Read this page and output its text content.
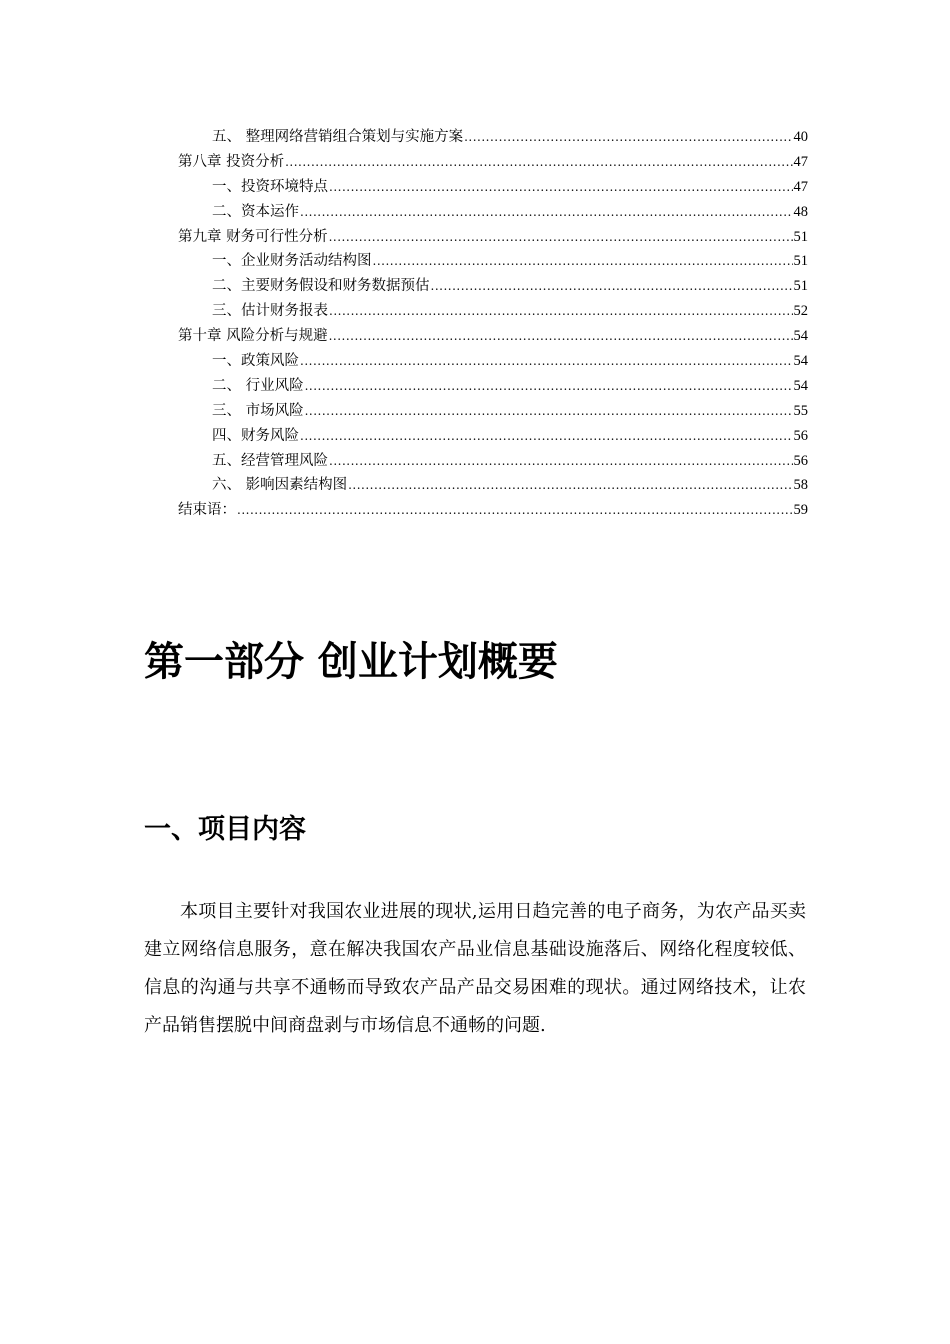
五、 整理网络营销组合策划与实施方案 .....	40
第八章 投资分析 .....	47
一、投资环境特点 .....	47
二、资本运作 .....	48
第九章 财务可行性分析 .....	51
一、企业财务活动结构图 .....	51
二、主要财务假设和财务数据预估 .....	51
三、估计财务报表 .....	52
第十章 风险分析与规避 .....	54
一、政策风险 .....	54
二、 行业风险 .....	54
三、 市场风险 .....	55
四、财务风险 .....	56
五、经营管理风险 .....	56
六、 影响因素结构图 .....	58
结束语： .....	59
第一部分 创业计划概要
一、项目内容

本项目主要针对我国农业进展的现状,运用日趋完善的电子商务，为农产品买卖建立网络信息服务，意在解决我国农产品业信息基础设施落后、网络化程度较低、信息的沟通与共享不通畅而导致农产品产品交易困难的现状。通过网络技术，让农产品销售摆脱中间商盘剥与市场信息不通畅的问题.
